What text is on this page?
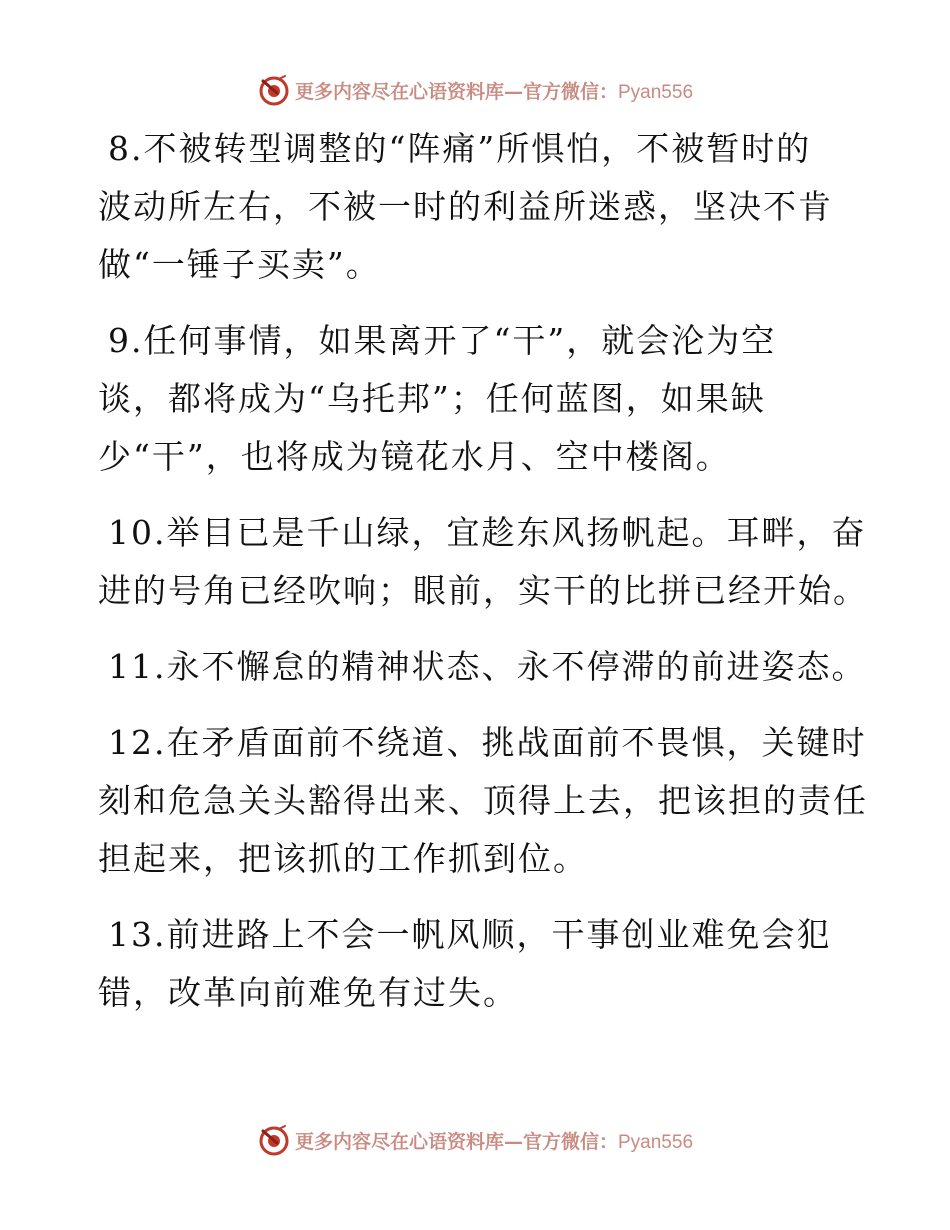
更多内容尽在心语资料库—官方微信：Pyan556
8.不被转型调整的“阵痛”所惧怕，不被暂时的
波动所左右，不被一时的利益所迷惑，坚决不肯
做“一锤子买卖”。
9.任何事情，如果离开了“干”，就会沦为空
谈，都将成为“乌托邦”；任何蓝图，如果缺
少“干”，也将成为镜花水月、空中楼阁。
10.举目已是千山绿，宜趁东风扬帆起。耳畔，奋
进的号角已经吹响；眼前，实干的比拼已经开始。
11.永不懈怠的精神状态、永不停滞的前进姿态。
12.在矛盾面前不绕道、挑战面前不畏惧，关键时
刻和危急关头豁得出来、顶得上去，把该担的责任
担起来，把该抓的工作抓到位。
13.前进路上不会一帆风顺，干事创业难免会犯
错，改革向前难免有过失。
更多内容尽在心语资料库—官方微信：Pyan556
